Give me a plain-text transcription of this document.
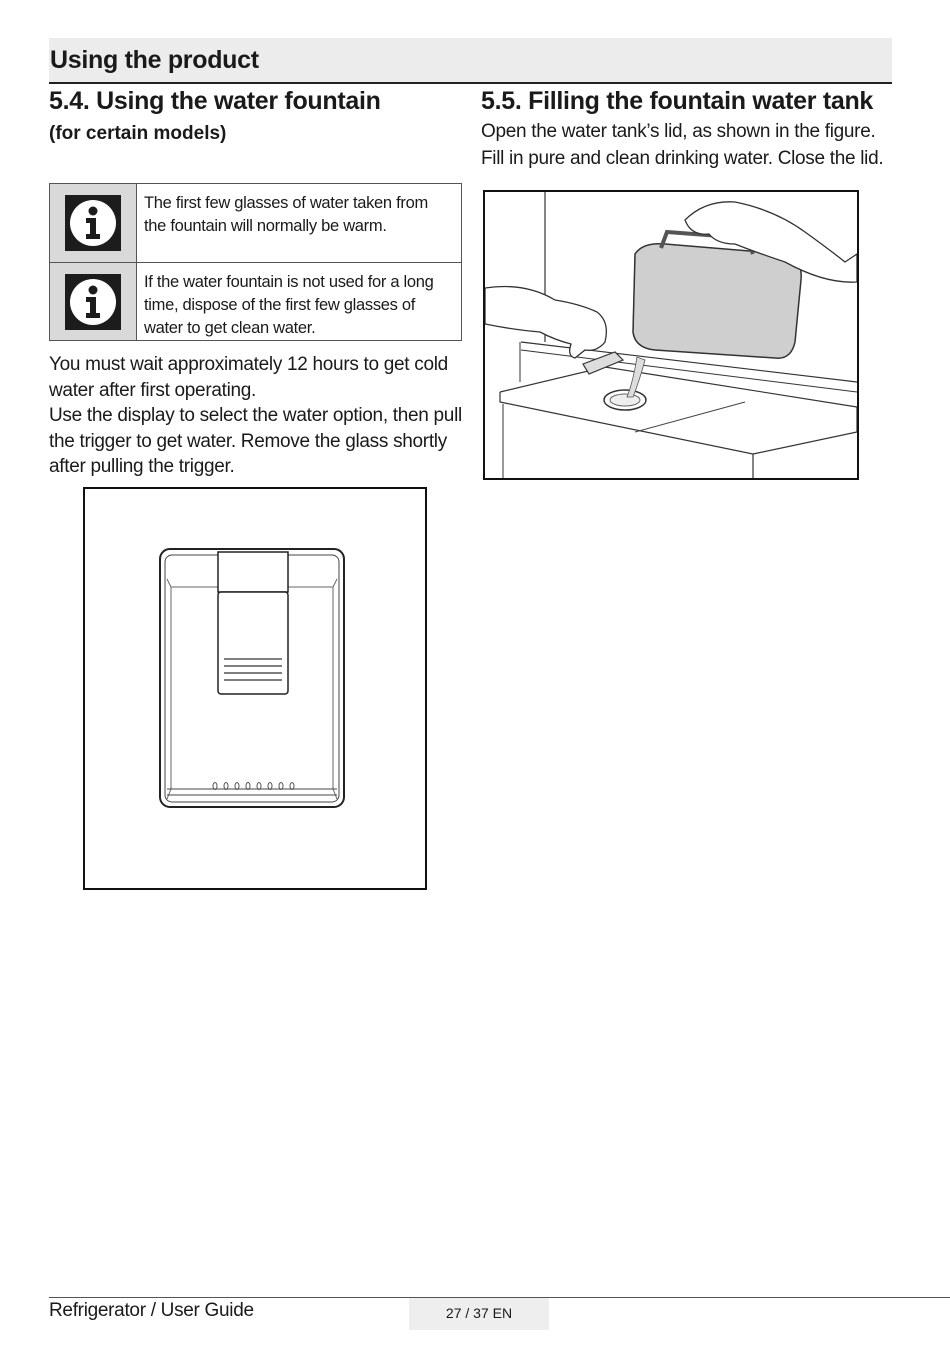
Using the product
5.4. Using the water fountain
(for certain models)
The first few glasses of water taken from the fountain will normally be warm.
If the water fountain is not used for a long time, dispose of the first few glasses of water to get clean water.
You must wait approximately 12 hours to get cold water after first operating.
Use the display to select the water option, then pull the trigger to get water. Remove the glass shortly after pulling the trigger.
5.5. Filling the fountain water tank
Open the water tank’s lid, as shown in the figure. Fill in pure and clean drinking water. Close the lid.
Refrigerator / User Guide	27 / 37 EN
